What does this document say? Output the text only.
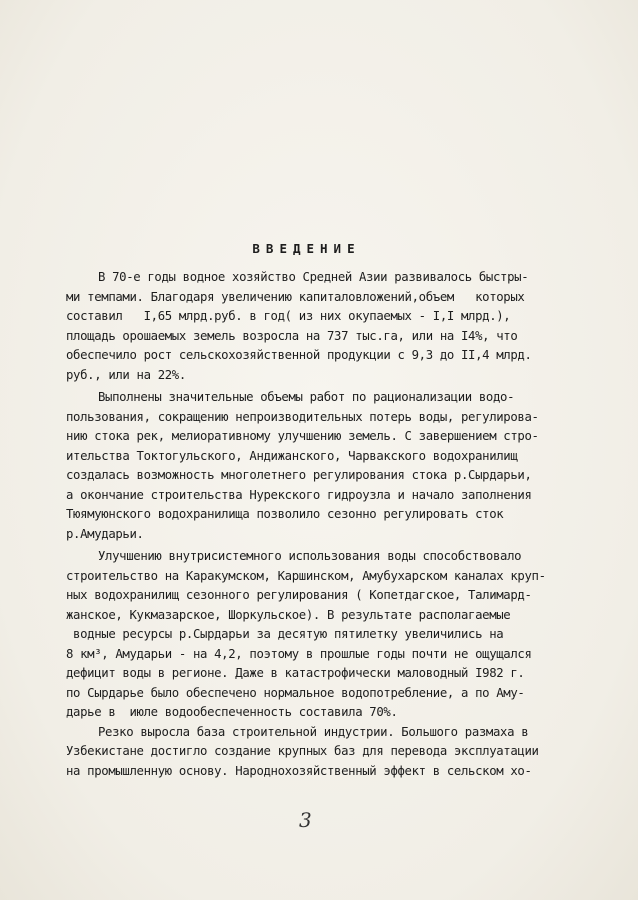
ВВЕДЕНИЕ
В 70-е годы водное хозяйство Средней Азии развивалось быстры-
ми темпами. Благодаря увеличению капиталовложений,объем   которых
составил   I,65 млрд.руб. в год( из них окупаемых - I,I млрд.),
площадь орошаемых земель возросла на 737 тыс.га, или на I4%, что
обеспечило рост сельскохозяйственной продукции с 9,3 до II,4 млрд.
руб., или на 22%.
Выполнены значительные объемы работ по рационализации водо-
пользования, сокращению непроизводительных потерь воды, регулирова-
нию стока рек, мелиоративному улучшению земель. С завершением стро-
ительства Токтогульского, Андижанского, Чарвакского водохранилищ
создалась возможность многолетнего регулирования стока р.Сырдарьи,
а окончание строительства Нурекского гидроузла и начало заполнения
Тюямуюнского водохранилища позволило сезонно регулировать сток
р.Амударьи.
Улучшению внутрисистемного использования воды способствовало
строительство на Каракумском, Каршинском, Амубухарском каналах круп-
ных водохранилищ сезонного регулирования ( Копетдагское, Талимард-
жанское, Кукмазарское, Шоркульское). В результате располагаемые
водные ресурсы р.Сырдарьи за десятую пятилетку увеличились на
8 км³, Амударьи - на 4,2, поэтому в прошлые годы почти не ощущался
дефицит воды в регионе. Даже в катастрофически маловодный I982 г.
по Сырдарье было обеспечено нормальное водопотребление, а по Аму-
дарье в  июле водообеспеченность составила 70%.
Резко выросла база строительной индустрии. Большого размаха в
Узбекистане достигло создание крупных баз для перевода эксплуатации
на промышленную основу. Народнохозяйственный эффект в сельском хо-
3
